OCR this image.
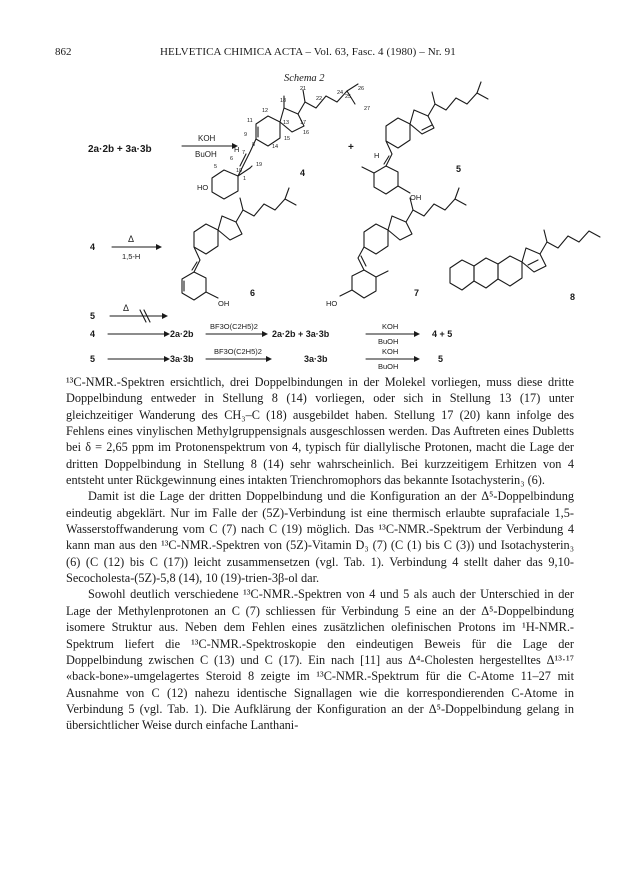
862	HELVETICA CHIMICA ACTA – Vol. 63, Fasc. 4 (1980) – Nr. 91
Schema 2
2a·2b + 3a·3b
KOH
BuOH
4
HO
H
21
22
24
25
26
27
12
18
17
16
11	13
14
15
9
8
19
1
10
5
6
7	+
5
OH
H
4
Δ
1,5-H
6
OH
7
HO
8
5
Δ
4	2a·2b
BF3O(C2H5)2
2a·2b + 3a·3b
KOH
BuOH
4 + 5
5	3a·3b
BF3O(C2H5)2
3a·3b
KOH
BuOH
5

¹³C-NMR.-Spektren ersichtlich, drei Doppelbindungen in der Molekel vorliegen, muss diese dritte Doppelbindung entweder in Stellung 8 (14) vorliegen, oder sich in Stellung 13 (17) unter gleichzeitiger Wanderung des CH₃–C (18) ausgebildet haben. Stellung 17 (20) kann infolge des Fehlens eines vinylischen Methylgruppensignals ausgeschlossen werden. Das Auftreten eines Dubletts bei δ = 2,65 ppm im Protonenspektrum von 4, typisch für diallylische Protonen, macht die Lage der dritten Doppelbindung in Stellung 8 (14) sehr wahrscheinlich. Bei kurzzeitigem Erhitzen von 4 entsteht unter Rückgewinnung eines intakten Trienchromophors das bekannte Isotachysterin₃ (6).

Damit ist die Lage der dritten Doppelbindung und die Konfiguration an der Δ⁵-Doppelbindung eindeutig abgeklärt. Nur im Falle der (5Z)-Verbindung ist eine thermisch erlaubte suprafaciale 1,5-Wasserstoffwanderung vom C (7) nach C (19) möglich. Das ¹³C-NMR.-Spektrum der Verbindung 4 kann man aus den ¹³C-NMR.-Spektren von (5Z)-Vitamin D₃ (7) (C (1) bis C (3)) und Isotachysterin₃ (6) (C (12) bis C (17)) leicht zusammensetzen (vgl. Tab. 1). Verbindung 4 stellt daher das 9,10-Secocholesta-(5Z)-5,8 (14), 10 (19)-trien-3β-ol dar.

Sowohl deutlich verschiedene ¹³C-NMR.-Spektren von 4 und 5 als auch der Unterschied in der Lage der Methylenprotonen an C (7) schliessen für Verbindung 5 eine an der Δ⁵-Doppelbindung isomere Struktur aus. Neben dem Fehlen eines zusätzlichen olefinischen Protons im ¹H-NMR.-Spektrum liefert die ¹³C-NMR.-Spektroskopie den eindeutigen Beweis für die Lage der Doppelbindung zwischen C (13) und C (17). Ein nach [11] aus Δ⁴-Cholesten hergestelltes Δ¹³·¹⁷ «back-bone»-umgelagertes Steroid 8 zeigte im ¹³C-NMR.-Spektrum für die C-Atome 11–27 mit Ausnahme von C (12) nahezu identische Signallagen wie die korrespondierenden C-Atome in Verbindung 5 (vgl. Tab. 1). Die Aufklärung der Konfiguration an der Δ⁵-Doppelbindung gelang in übersichtlicher Weise durch einfache Lanthani-
